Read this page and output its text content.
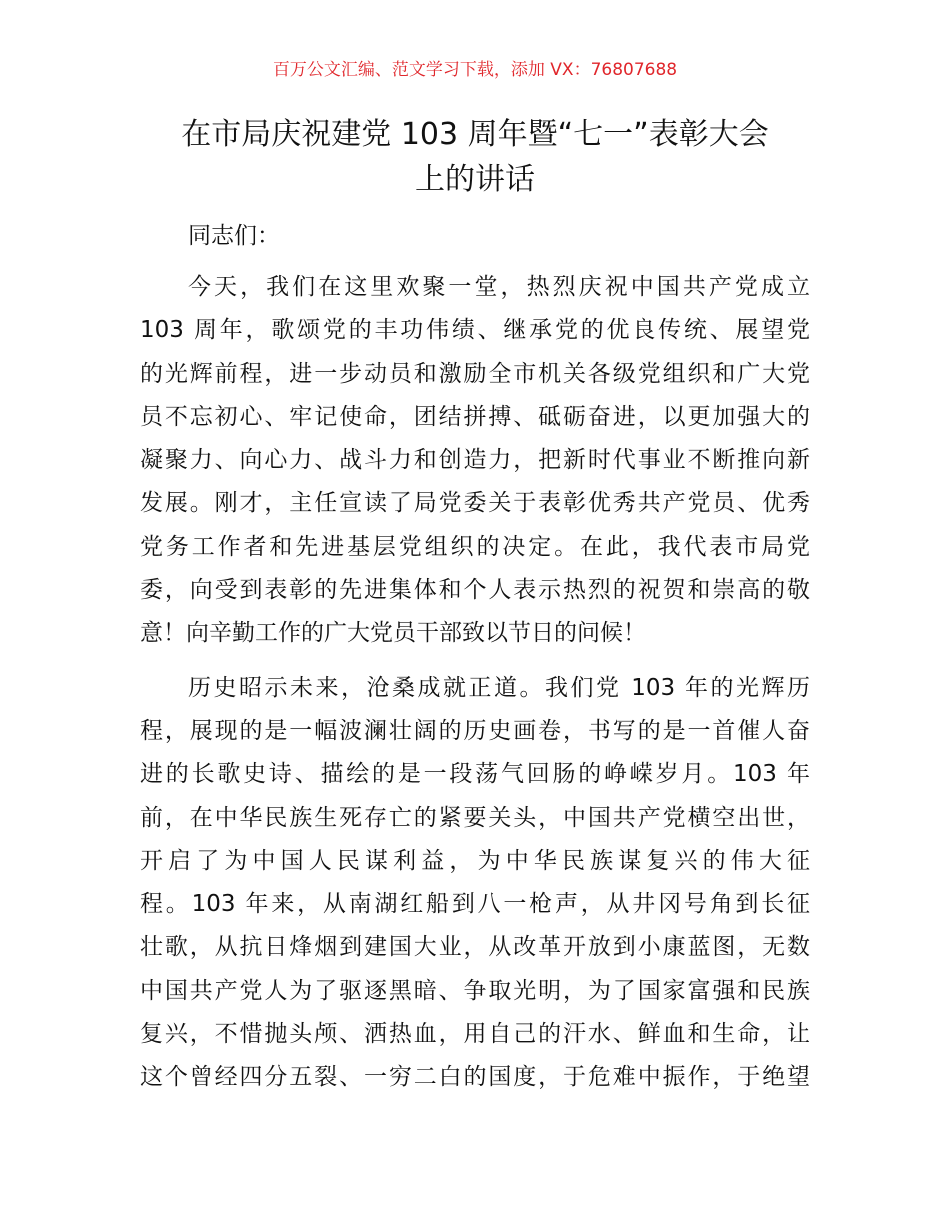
百万公文汇编、范文学习下载，添加 VX：76807688
在市局庆祝建党 103 周年暨“七一”表彰大会
上的讲话
同志们：
今天，我们在这里欢聚一堂，热烈庆祝中国共产党成立
103 周年，歌颂党的丰功伟绩、继承党的优良传统、展望党
的光辉前程，进一步动员和激励全市机关各级党组织和广大党
员不忘初心、牢记使命，团结拼搏、砥砺奋进，以更加强大的
凝聚力、向心力、战斗力和创造力，把新时代事业不断推向新
发展。刚才，主任宣读了局党委关于表彰优秀共产党员、优秀
党务工作者和先进基层党组织的决定。在此，我代表市局党
委，向受到表彰的先进集体和个人表示热烈的祝贺和崇高的敬
意！向辛勤工作的广大党员干部致以节日的问候！
历史昭示未来，沧桑成就正道。我们党 103 年的光辉历
程，展现的是一幅波澜壮阔的历史画卷，书写的是一首催人奋
进的长歌史诗、描绘的是一段荡气回肠的峥嵘岁月。103 年
前，在中华民族生死存亡的紧要关头，中国共产党横空出世，
开启了为中国人民谋利益，为中华民族谋复兴的伟大征
程。103 年来，从南湖红船到八一枪声，从井冈号角到长征
壮歌，从抗日烽烟到建国大业，从改革开放到小康蓝图，无数
中国共产党人为了驱逐黑暗、争取光明，为了国家富强和民族
复兴，不惜抛头颅、洒热血，用自己的汗水、鲜血和生命，让
这个曾经四分五裂、一穷二白的国度，于危难中振作，于绝望
